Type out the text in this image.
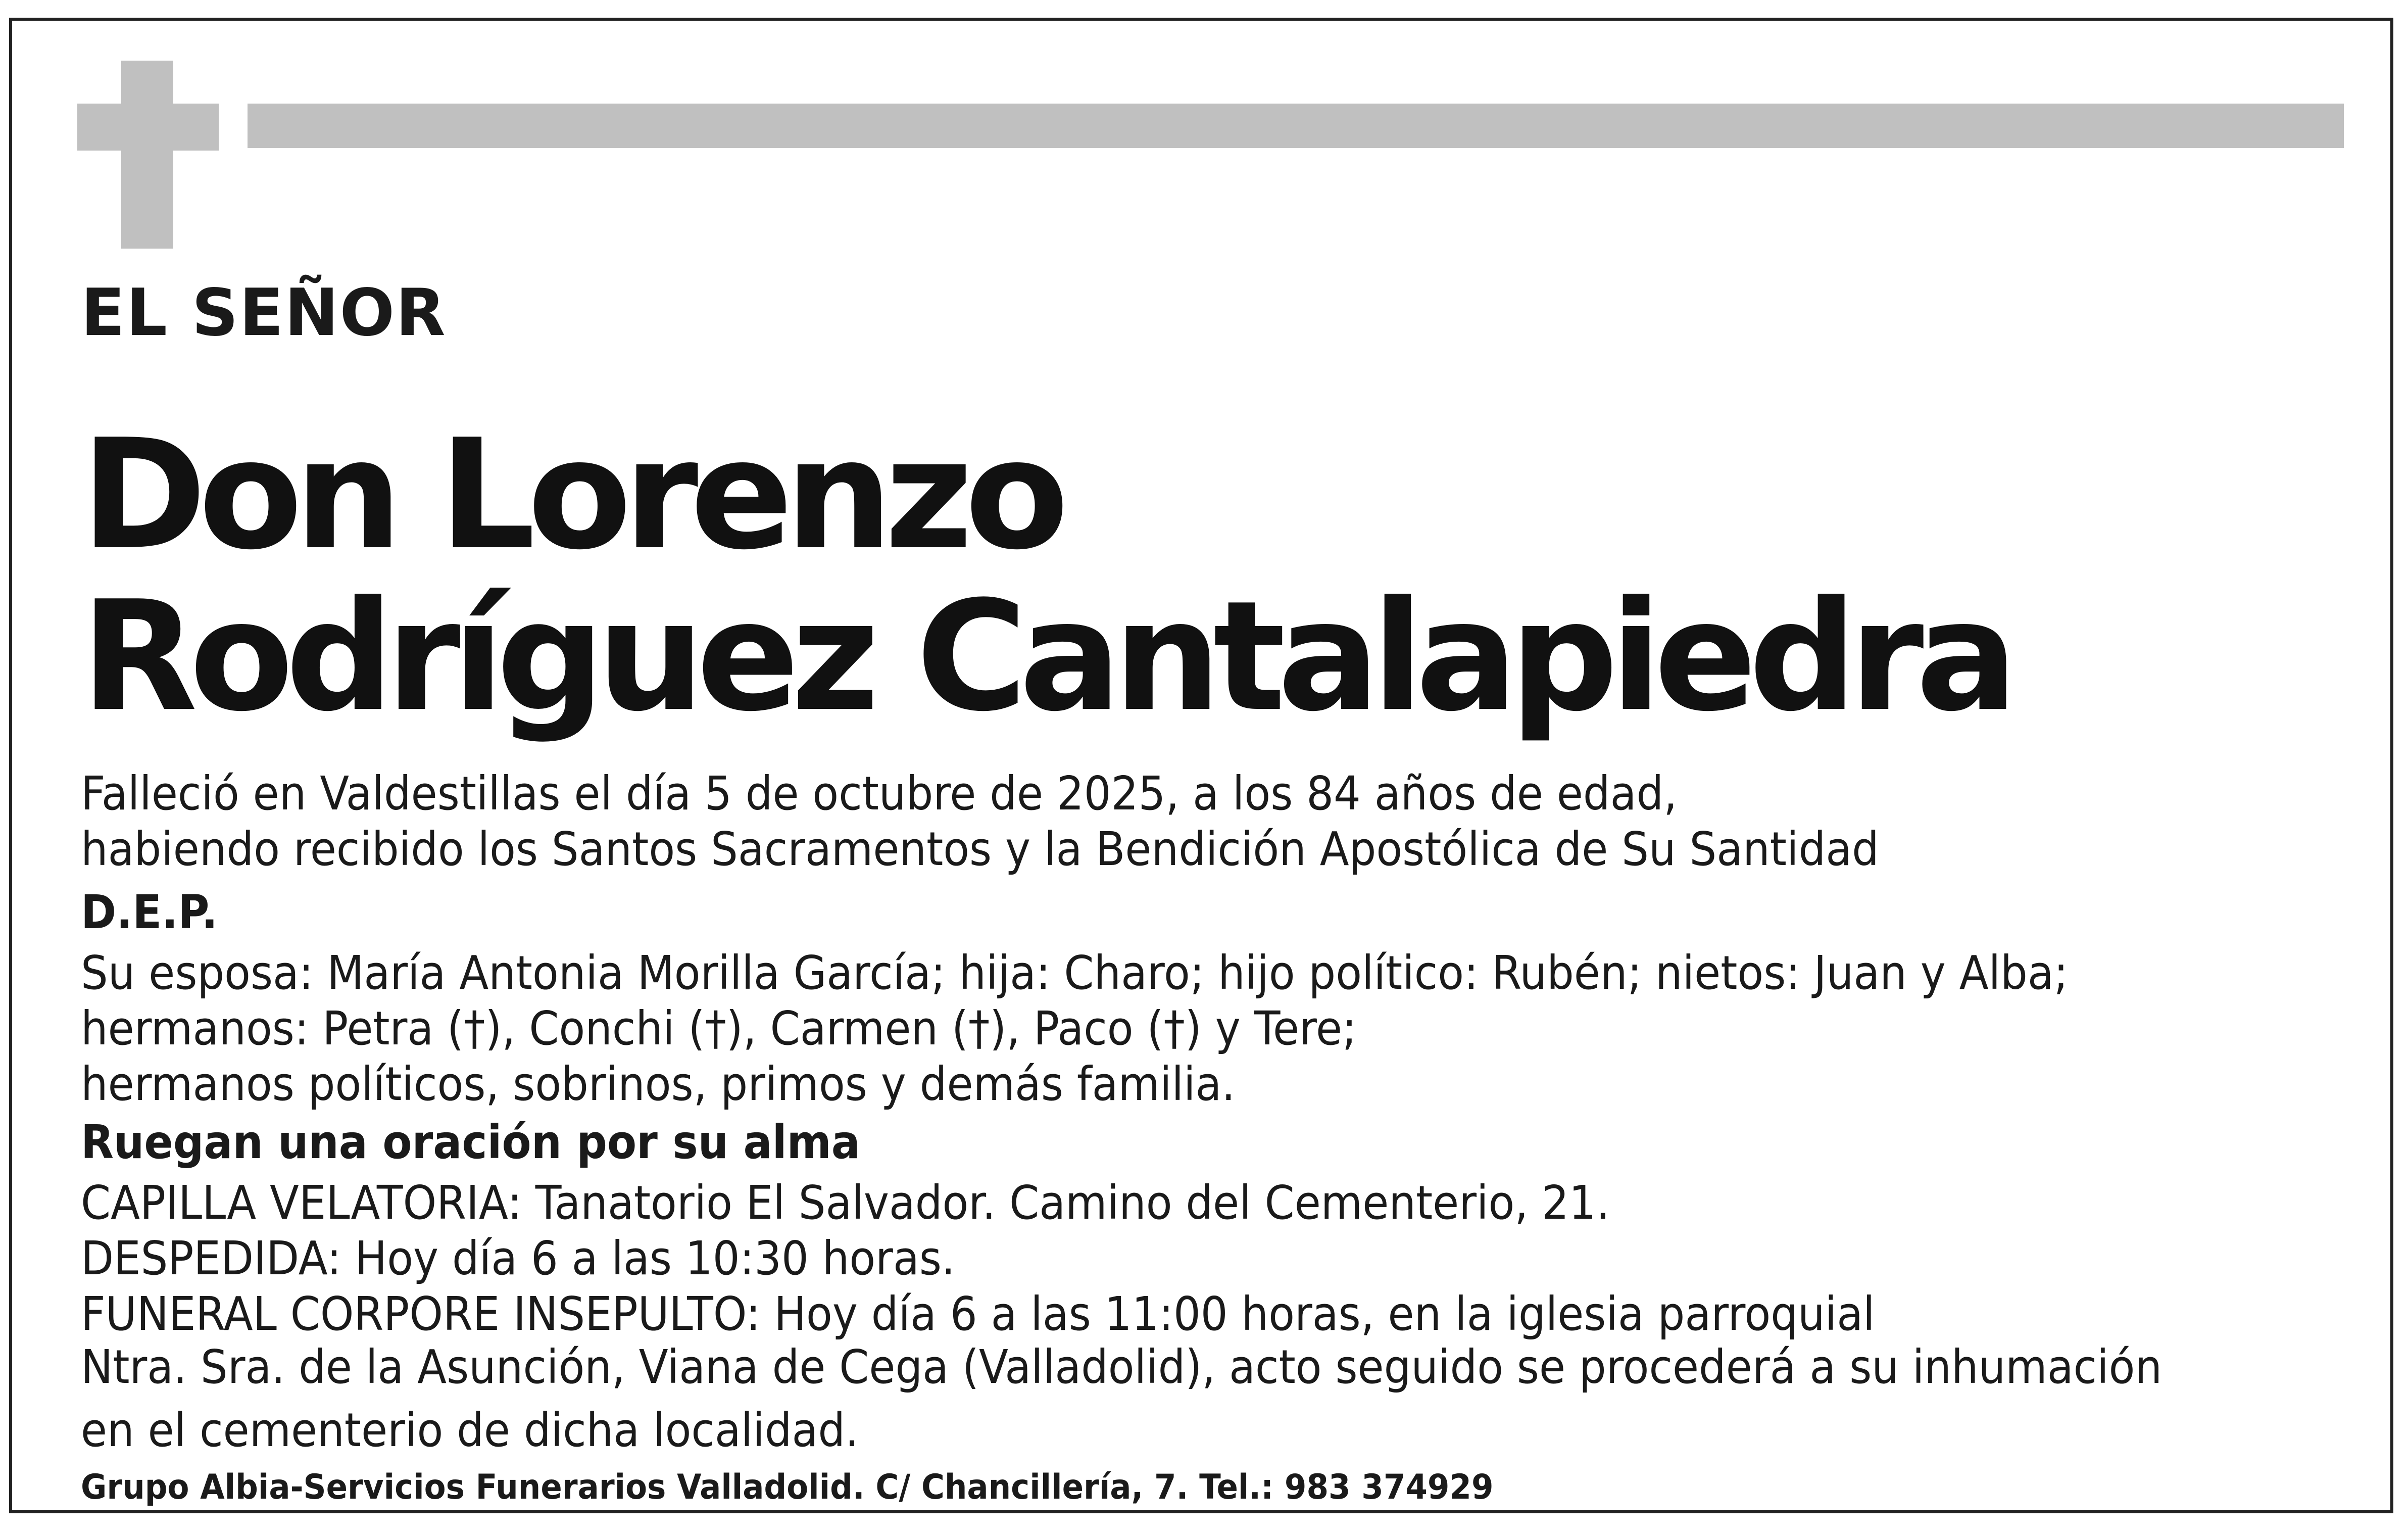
EL SEÑOR
Don Lorenzo
Rodríguez Cantalapiedra
Falleció en Valdestillas el día 5 de octubre de 2025, a los 84 años de edad,
habiendo recibido los Santos Sacramentos y la Bendición Apostólica de Su Santidad
D.E.P.
Su esposa: María Antonia Morilla García; hija: Charo; hijo político: Rubén; nietos: Juan y Alba;
hermanos: Petra (†), Conchi (†), Carmen (†), Paco (†) y Tere;
hermanos políticos, sobrinos, primos y demás familia.
Ruegan una oración por su alma
CAPILLA VELATORIA: Tanatorio El Salvador. Camino del Cementerio, 21.
DESPEDIDA: Hoy día 6 a las 10:30 horas.
FUNERAL CORPORE INSEPULTO: Hoy día 6 a las 11:00 horas, en la iglesia parroquial
Ntra. Sra. de la Asunción, Viana de Cega (Valladolid), acto seguido se procederá a su inhumación
en el cementerio de dicha localidad.
Grupo Albia-Servicios Funerarios Valladolid. C/ Chancillería, 7. Tel.: 983 374929
